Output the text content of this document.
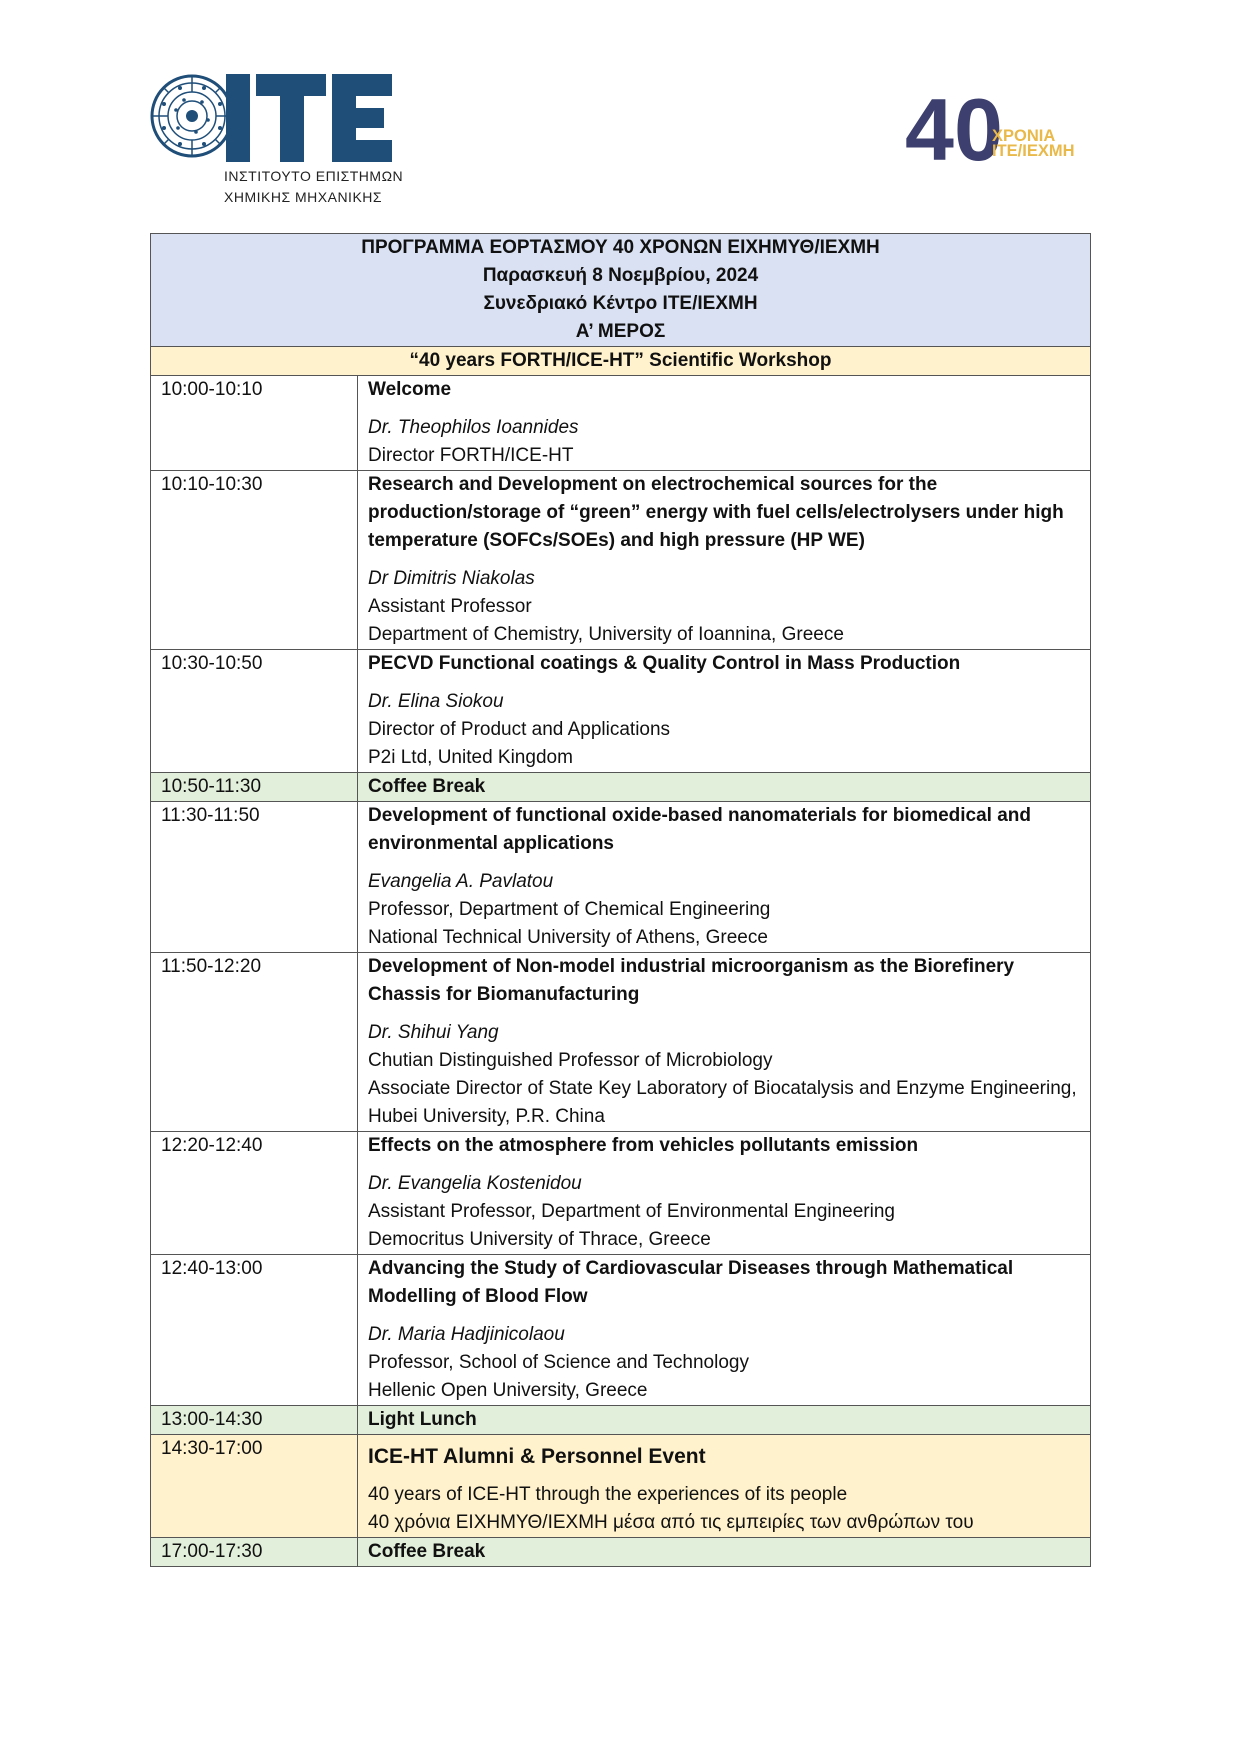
ΙΝΣΤΙΤΟΥΤΟ ΕΠΙΣΤΗΜΩΝ
ΧΗΜΙΚΗΣ ΜΗΧΑΝΙΚΗΣ
40
ΧΡΟΝΙΑ
ΙΤΕ/ΙΕΧΜΗ
ΠΡΟΓΡΑΜΜΑ ΕΟΡΤΑΣΜΟΥ 40 ΧΡΟΝΩΝ ΕΙΧΗΜΥΘ/ΙΕΧΜΗ
Παρασκευή 8 Νοεμβρίου, 2024
Συνεδριακό Κέντρο ΙΤΕ/ΙΕΧΜΗ
Α’ ΜΕΡΟΣ	

“40 years FORTH/ICE-HT” Scientific Workshop	
10:00-10:10	Welcome
Dr. Theophilos Ioannides
Director FORTH/ICE-HT

10:10-10:30	Research and Development on electrochemical sources for the production/storage of “green” energy with fuel cells/electrolysers under high temperature (SOFCs/SOEs) and high pressure (HP WE)
Dr Dimitris Niakolas
Assistant Professor
Department of Chemistry, University of Ioannina, Greece

10:30-10:50	PECVD Functional coatings & Quality Control in Mass Production
Dr. Elina Siokou
Director of Product and Applications
P2i Ltd, United Kingdom

10:50-11:30	Coffee Break

11:30-11:50	Development of functional oxide-based nanomaterials for biomedical and environmental applications
Evangelia A. Pavlatou
Professor, Department of Chemical Engineering
National Technical University of Athens, Greece

11:50-12:20	Development of Non-model industrial microorganism as the Biorefinery Chassis for Biomanufacturing
Dr. Shihui Yang
Chutian Distinguished Professor of Microbiology
Associate Director of State Key Laboratory of Biocatalysis and Enzyme Engineering, Hubei University, P.R. China

12:20-12:40	Effects on the atmosphere from vehicles pollutants emission
Dr. Evangelia Kostenidou
Assistant Professor, Department of Environmental Engineering
Democritus University of Thrace, Greece

12:40-13:00	Advancing the Study of Cardiovascular Diseases through Mathematical Modelling of Blood Flow
Dr. Maria Hadjinicolaou
Professor, School of Science and Technology
Hellenic Open University, Greece

13:00-14:30	Light Lunch

14:30-17:00	ICE-HT Alumni & Personnel Event
40 years of ICE-HT through the experiences of its people
40 χρόνια ΕΙΧΗΜΥΘ/ΙΕΧΜΗ μέσα από τις εμπειρίες των ανθρώπων του

17:00-17:30	Coffee Break
